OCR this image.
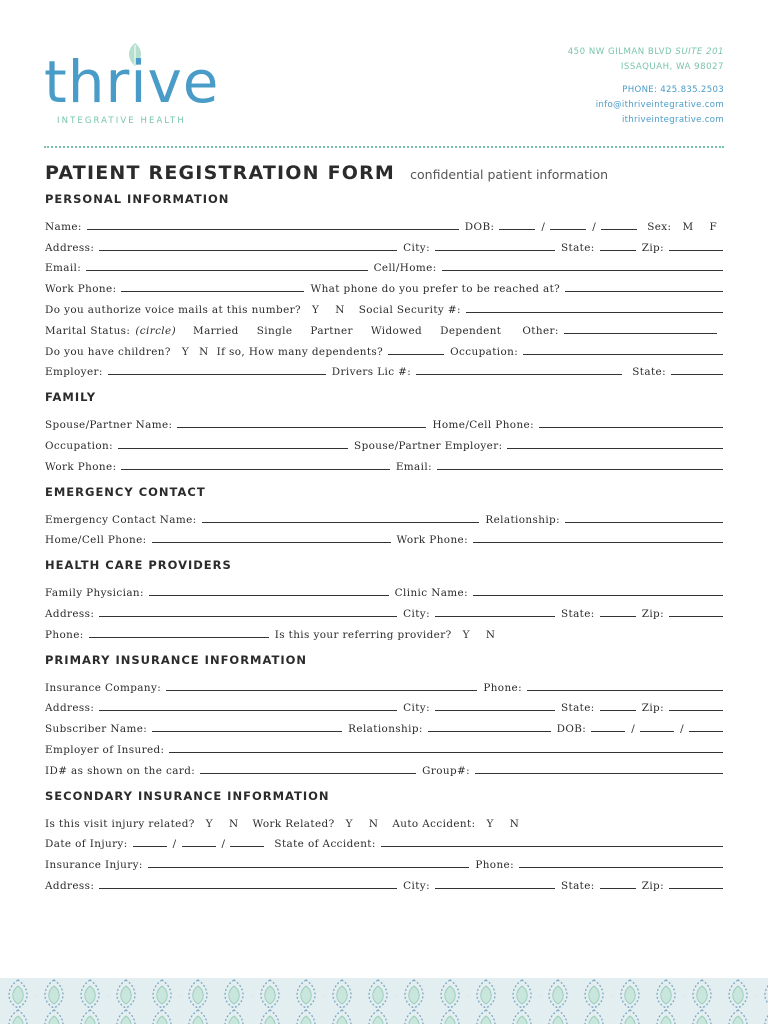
thrive
INTEGRATIVE HEALTH
450 NW GILMAN BLVD SUITE 201
ISSAQUAH, WA 98027
PHONE: 425.835.2503
info@ithriveintegrative.com
ithriveintegrative.com
PATIENT REGISTRATION FORM confidential patient information
PERSONAL INFORMATION
Name:	DOB:	/	/	Sex:	M	F
Address:	City:	State:	Zip:
Email:	Cell/Home:
Work Phone:	What phone do you prefer to be reached at?
Do you authorize voice mails at this number?	Y	N	Social Security #:
Marital Status: (circle)	Married	Single	Partner	Widowed	Dependent	Other:
Do you have children?	Y N If so, How many dependents?	Occupation:
Employer:	Drivers Lic #:	State:
FAMILY
Spouse/Partner Name:	Home/Cell Phone:
Occupation:	Spouse/Partner Employer:
Work Phone:	Email:
EMERGENCY CONTACT
Emergency Contact Name:	Relationship:
Home/Cell Phone:	Work Phone:
HEALTH CARE PROVIDERS
Family Physician:	Clinic Name:
Address:	City:	State:	Zip:
Phone:	Is this your referring provider?	Y	N
PRIMARY INSURANCE INFORMATION
Insurance Company:	Phone:
Address:	City:	State:	Zip:
Subscriber Name:	Relationship:	DOB:	/	/
Employer of Insured:
ID# as shown on the card:	Group#:
SECONDARY INSURANCE INFORMATION
Is this visit injury related?	Y	N	Work Related?	Y	N	Auto Accident:	Y	N
Date of Injury:	/	/	State of Accident:
Insurance Injury:	Phone:
Address:	City:	State:	Zip:
